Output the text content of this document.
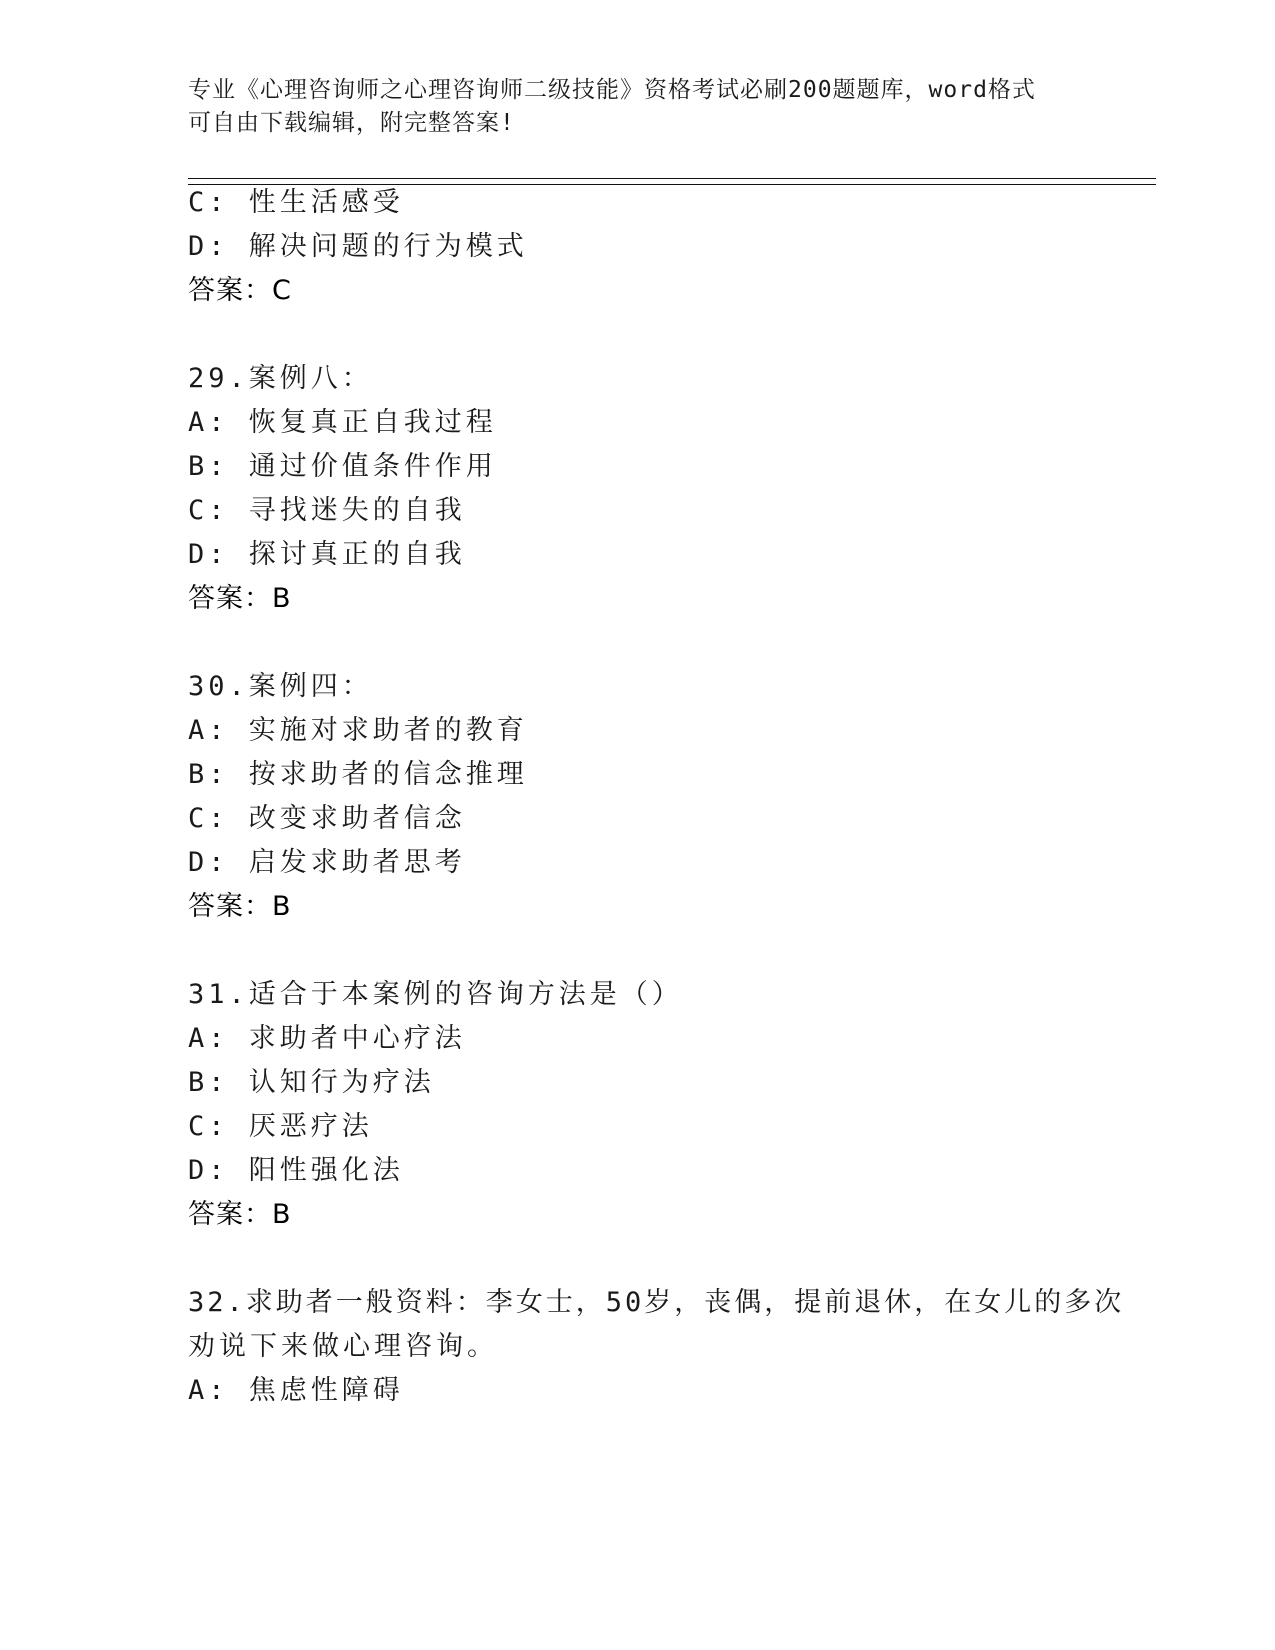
专业《心理咨询师之心理咨询师二级技能》资格考试必刷200题题库，word格式
可自由下载编辑，附完整答案!
C: 性生活感受
D: 解决问题的行为模式
答案：C
29.案例八：
A: 恢复真正自我过程
B: 通过价值条件作用
C: 寻找迷失的自我
D: 探讨真正的自我
答案：B
30.案例四：
A: 实施对求助者的教育
B: 按求助者的信念推理
C: 改变求助者信念
D: 启发求助者思考
答案：B
31.适合于本案例的咨询方法是（）
A: 求助者中心疗法
B: 认知行为疗法
C: 厌恶疗法
D: 阳性强化法
答案：B
32.求助者一般资料：李女士，50岁，丧偶，提前退休，在女儿的多次
劝说下来做心理咨询。
A: 焦虑性障碍
